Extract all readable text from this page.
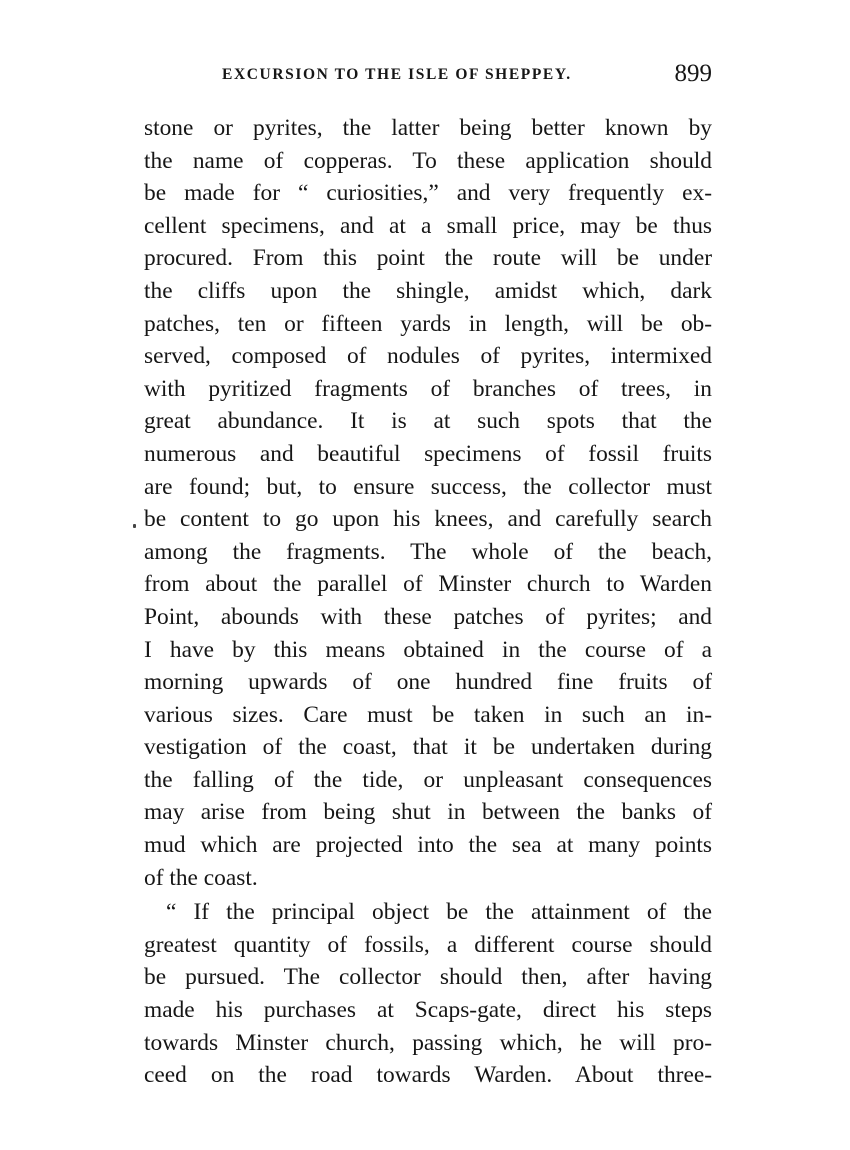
EXCURSION TO THE ISLE OF SHEPPEY.	899
stone or pyrites, the latter being better known by
the name of copperas. To these application should
be made for “ curiosities,” and very frequently ex-
cellent specimens, and at a small price, may be thus
procured. From this point the route will be under
the cliffs upon the shingle, amidst which, dark
patches, ten or fifteen yards in length, will be ob-
served, composed of nodules of pyrites, intermixed
with pyritized fragments of branches of trees, in
great abundance. It is at such spots that the
numerous and beautiful specimens of fossil fruits
are found; but, to ensure success, the collector must
be content to go upon his knees, and carefully search
among the fragments. The whole of the beach,
from about the parallel of Minster church to Warden
Point, abounds with these patches of pyrites; and
I have by this means obtained in the course of a
morning upwards of one hundred fine fruits of
various sizes. Care must be taken in such an in-
vestigation of the coast, that it be undertaken during
the falling of the tide, or unpleasant consequences
may arise from being shut in between the banks of
mud which are projected into the sea at many points
of the coast.
“ If the principal object be the attainment of the
greatest quantity of fossils, a different course should
be pursued. The collector should then, after having
made his purchases at Scaps-gate, direct his steps
towards Minster church, passing which, he will pro-
ceed on the road towards Warden. About three-
